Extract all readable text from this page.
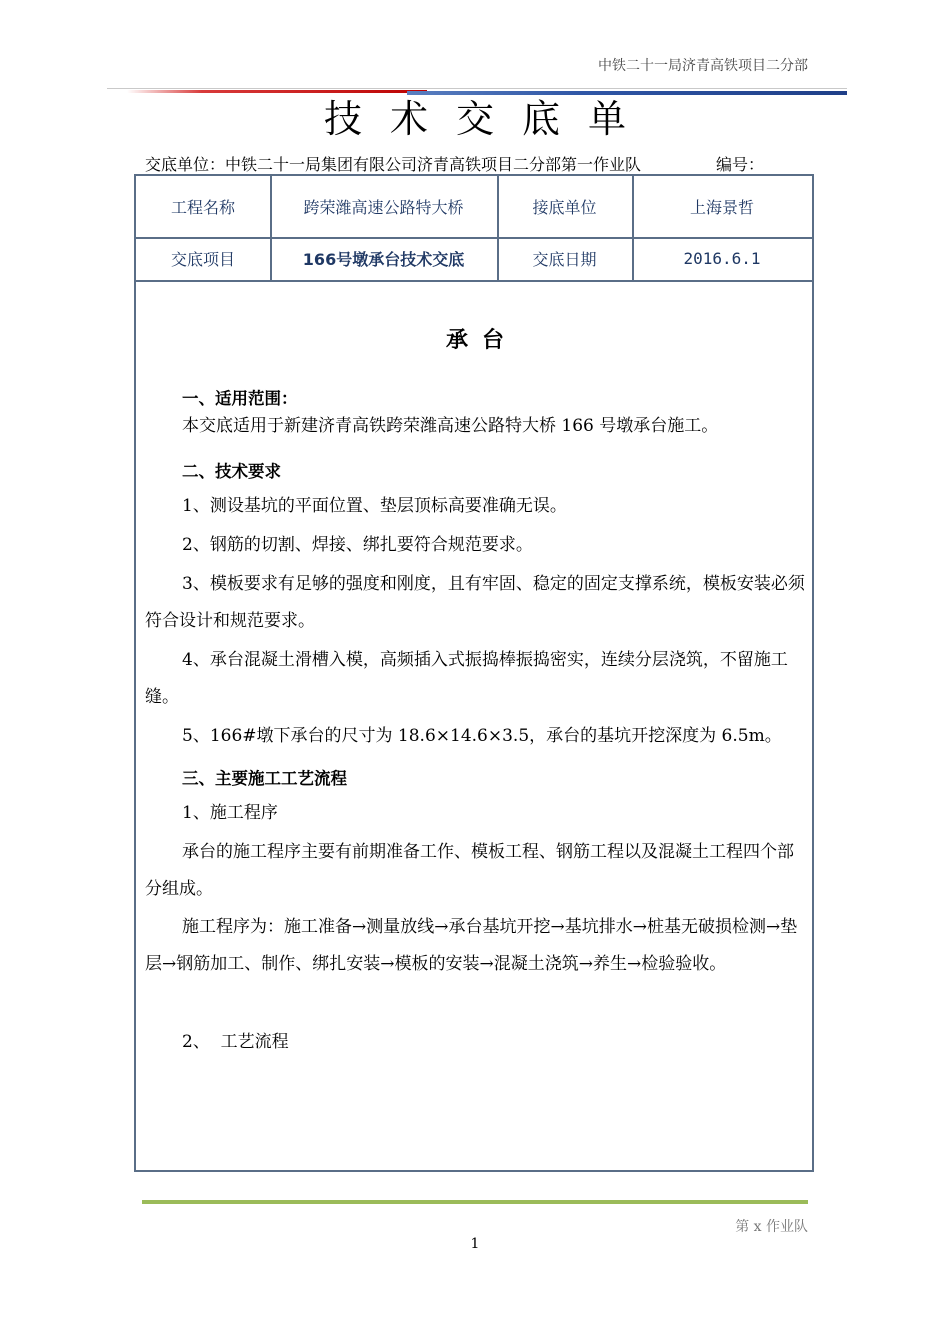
中铁二十一局济青高铁项目二分部
技术交底单
交底单位：中铁二十一局集团有限公司济青高铁项目二分部第一作业队	编号：
工程名称	跨荣潍高速公路特大桥	接底单位	上海景哲
交底项目	166号墩承台技术交底	交底日期	2016.6.1
承台
一、适用范围：
本交底适用于新建济青高铁跨荣潍高速公路特大桥 166 号墩承台施工。
二、技术要求
1、测设基坑的平面位置、垫层顶标高要准确无误。
2、钢筋的切割、焊接、绑扎要符合规范要求。
3、模板要求有足够的强度和刚度，且有牢固、稳定的固定支撑系统，模板安装必须符合设计和规范要求。
4、承台混凝土滑槽入模，高频插入式振捣棒振捣密实，连续分层浇筑，不留施工缝。
5、166#墩下承台的尺寸为 18.6×14.6×3.5，承台的基坑开挖深度为 6.5m。
三、主要施工工艺流程
1、施工程序
承台的施工程序主要有前期准备工作、模板工程、钢筋工程以及混凝土工程四个部分组成。
施工程序为：施工准备→测量放线→承台基坑开挖→基坑排水→桩基无破损检测→垫层→钢筋加工、制作、绑扎安装→模板的安装→混凝土浇筑→养生→检验验收。
2、  工艺流程
第 x 作业队
1
